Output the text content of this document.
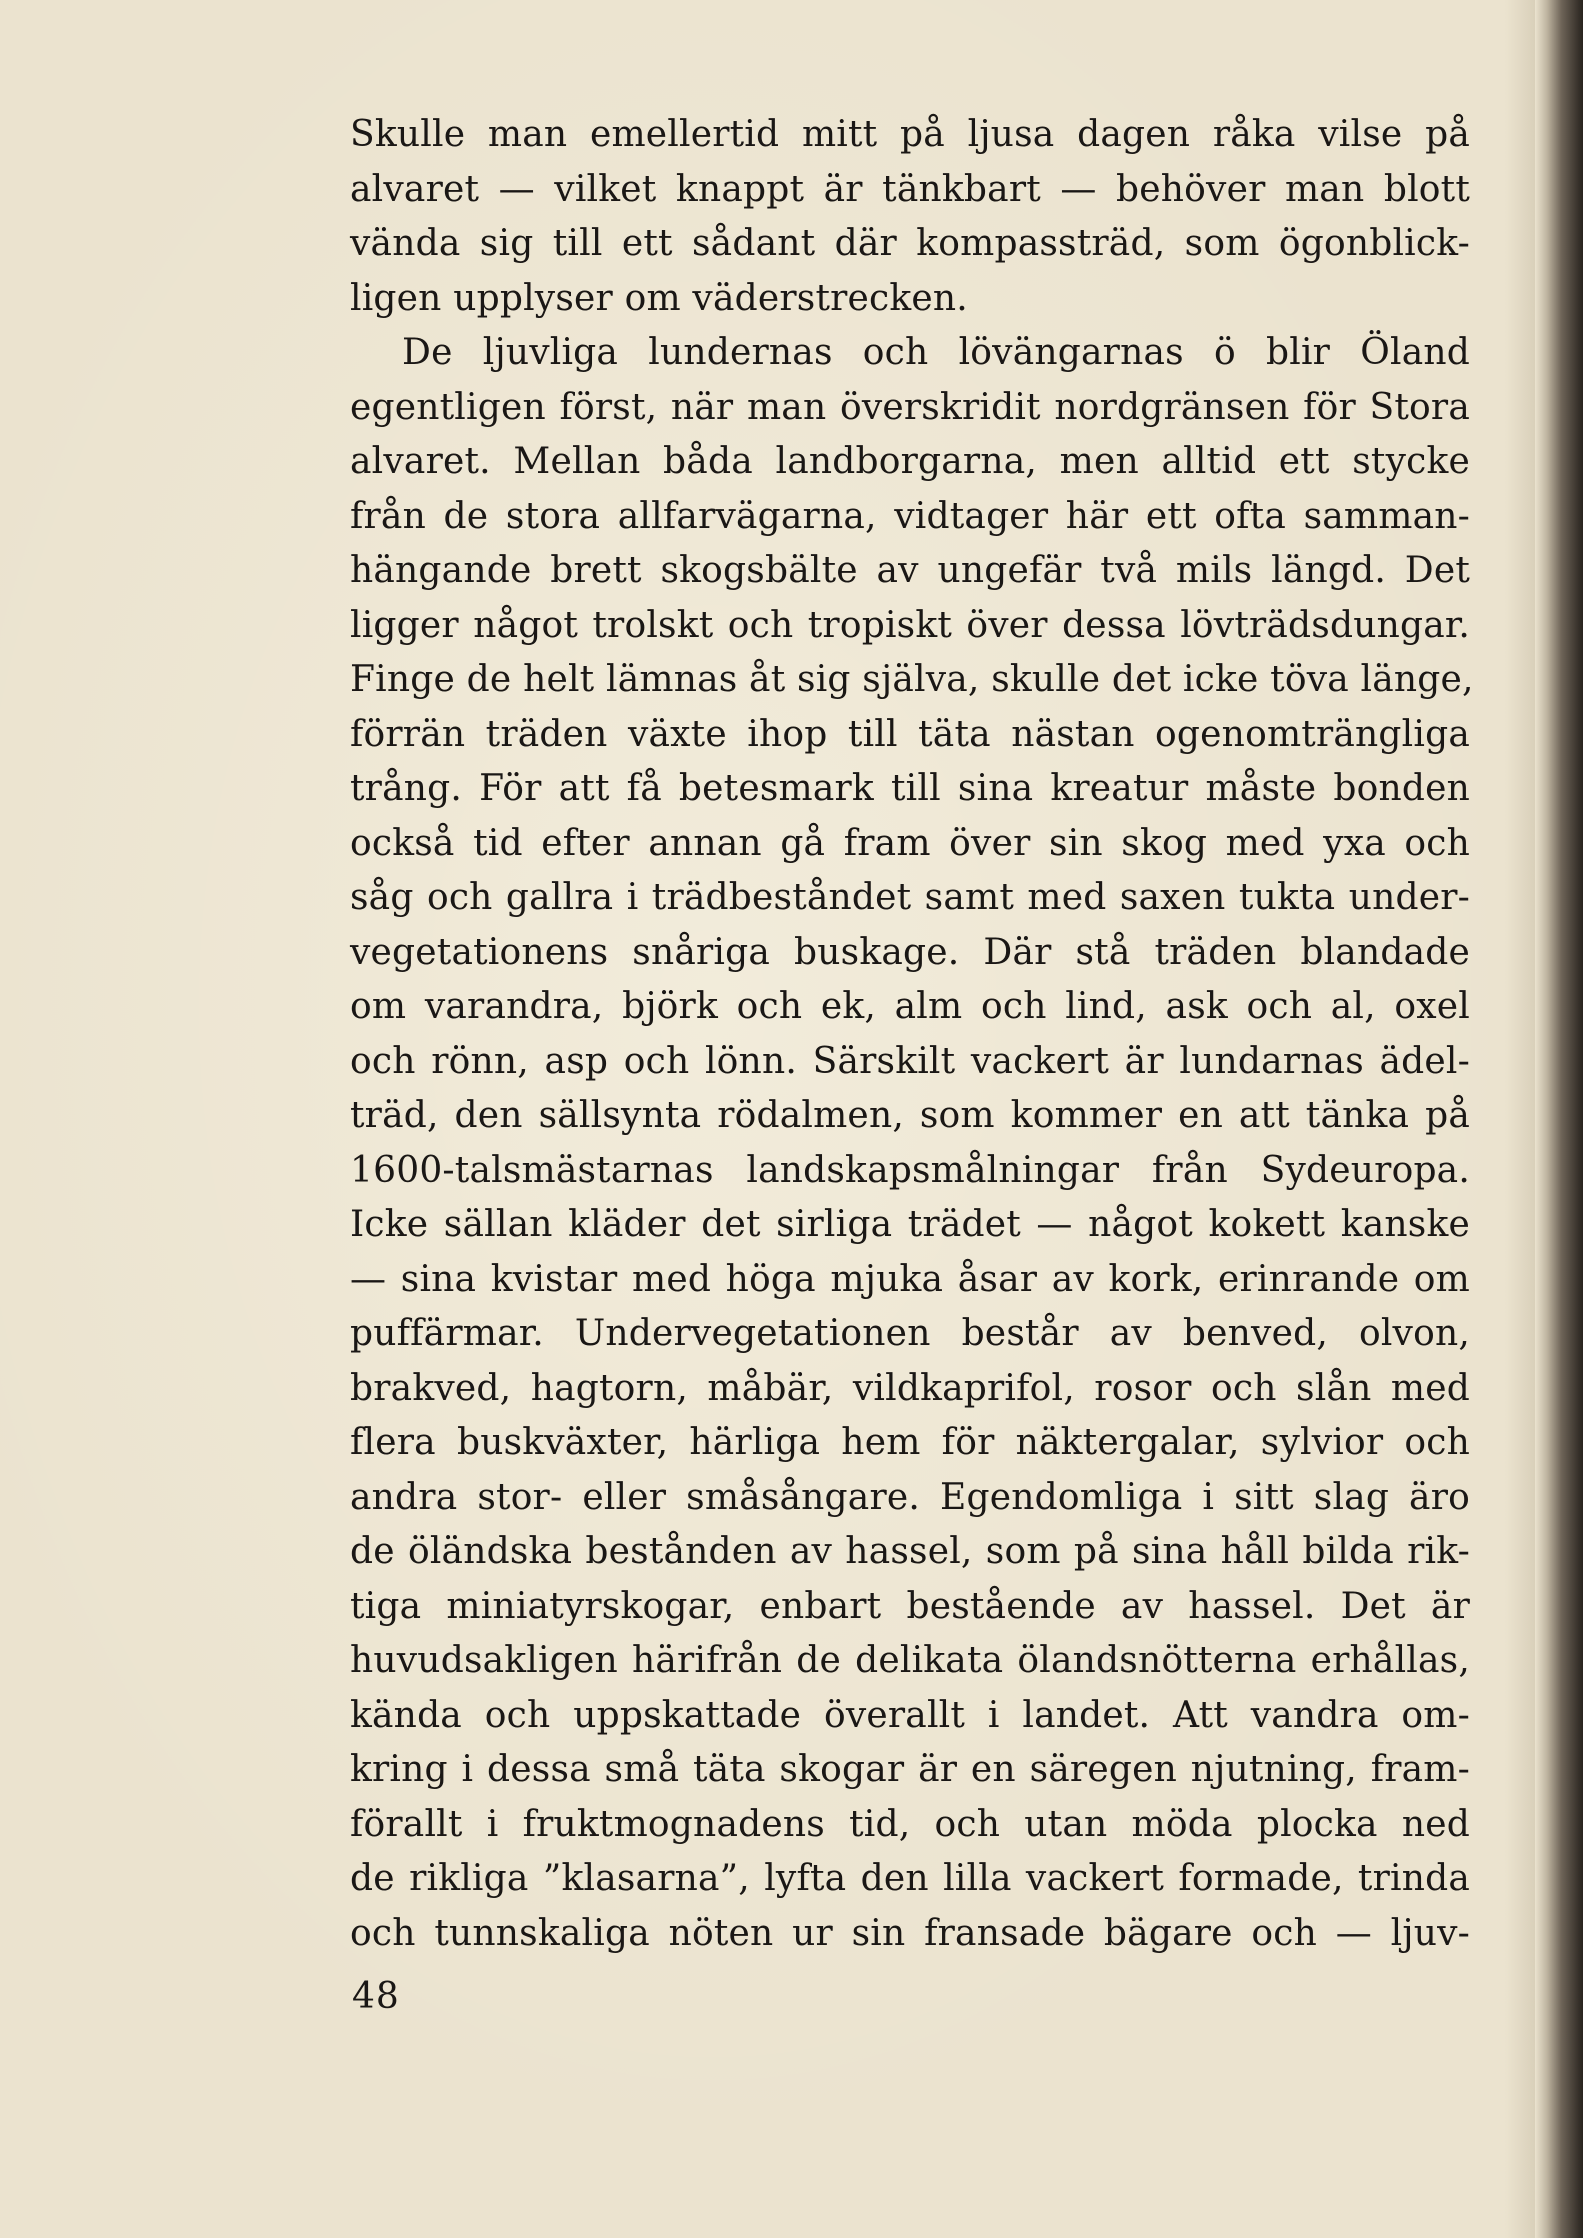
Skulle man emellertid mitt på ljusa dagen råka vilse på
alvaret — vilket knappt är tänkbart — behöver man blott
vända sig till ett sådant där kompassträd, som ögonblick-
ligen upplyser om väderstrecken.
De ljuvliga lundernas och lövängarnas ö blir Öland
egentligen först, när man överskridit nordgränsen för Stora
alvaret. Mellan båda landborgarna, men alltid ett stycke
från de stora allfarvägarna, vidtager här ett ofta samman-
hängande brett skogsbälte av ungefär två mils längd. Det
ligger något trolskt och tropiskt över dessa lövträdsdungar.
Finge de helt lämnas åt sig själva, skulle det icke töva länge,
förrän träden växte ihop till täta nästan ogenomträngliga
trång. För att få betesmark till sina kreatur måste bonden
också tid efter annan gå fram över sin skog med yxa och
såg och gallra i trädbeståndet samt med saxen tukta under-
vegetationens snåriga buskage. Där stå träden blandade
om varandra, björk och ek, alm och lind, ask och al, oxel
och rönn, asp och lönn. Särskilt vackert är lundarnas ädel-
träd, den sällsynta rödalmen, som kommer en att tänka på
1600-talsmästarnas landskapsmålningar från Sydeuropa.
Icke sällan kläder det sirliga trädet — något kokett kanske
— sina kvistar med höga mjuka åsar av kork, erinrande om
puffärmar. Undervegetationen består av benved, olvon,
brakved, hagtorn, måbär, vildkaprifol, rosor och slån med
flera buskväxter, härliga hem för näktergalar, sylvior och
andra stor- eller småsångare. Egendomliga i sitt slag äro
de öländska bestånden av hassel, som på sina håll bilda rik-
tiga miniatyrskogar, enbart bestående av hassel. Det är
huvudsakligen härifrån de delikata ölandsnötterna erhållas,
kända och uppskattade överallt i landet. Att vandra om-
kring i dessa små täta skogar är en säregen njutning, fram-
förallt i fruktmognadens tid, och utan möda plocka ned
de rikliga ”klasarna”, lyfta den lilla vackert formade, trinda
och tunnskaliga nöten ur sin fransade bägare och — ljuv-
48
